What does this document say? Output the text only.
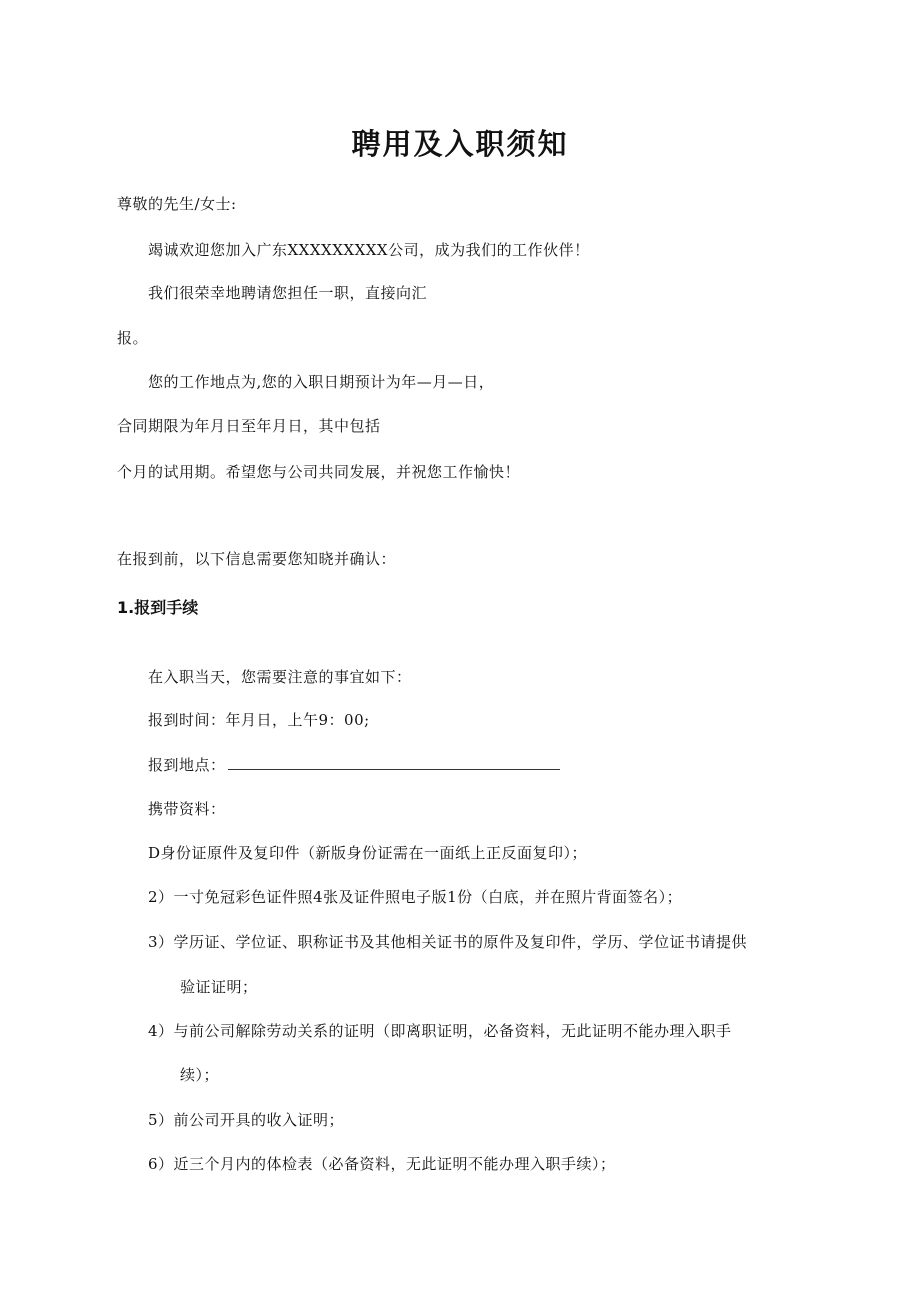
聘用及入职须知
尊敬的先生/女士:
竭诚欢迎您加入广东XXXXXXXXX公司，成为我们的工作伙伴！
我们很荣幸地聘请您担任一职，直接向汇
报。
您的工作地点为,您的入职日期预计为年—月—日，
合同期限为年月日至年月日，其中包括
个月的试用期。希望您与公司共同发展，并祝您工作愉快！
在报到前，以下信息需要您知晓并确认：
1.报到手续
在入职当天，您需要注意的事宜如下：
报到时间：年月日，上午9：00;
报到地点：
携带资料：
D身份证原件及复印件（新版身份证需在一面纸上正反面复印）；
2）一寸免冠彩色证件照4张及证件照电子版1份（白底，并在照片背面签名）；
3）学历证、学位证、职称证书及其他相关证书的原件及复印件，学历、学位证书请提供
验证证明；
4）与前公司解除劳动关系的证明（即离职证明，必备资料，无此证明不能办理入职手
续）；
5）前公司开具的收入证明；
6）近三个月内的体检表（必备资料，无此证明不能办理入职手续）；
